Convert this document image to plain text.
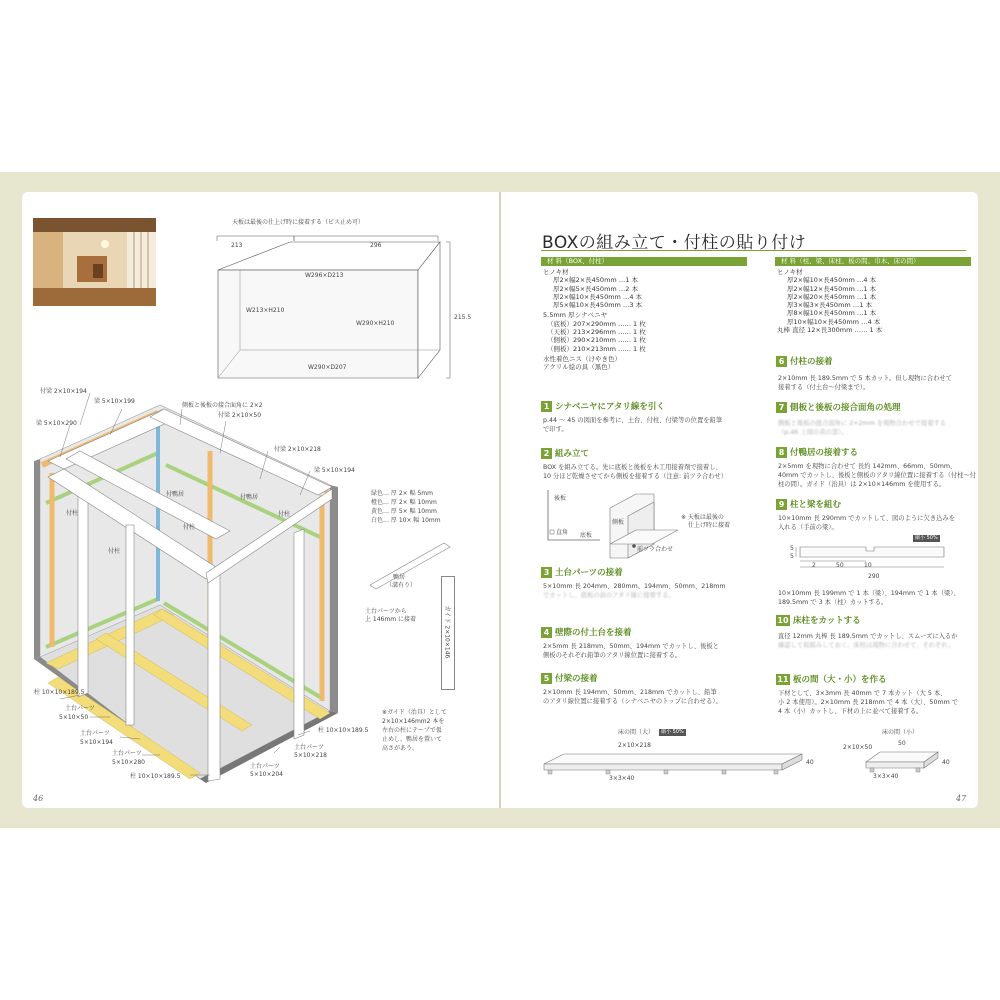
天板は最後の仕上げ時に接着する（ビス止め可）
213	296
215.5
W296×D213
W213×H210
W290×H210
W290×D207
付梁 2×10×194
梁 5×10×199
梁 5×10×290
側板と後板の接合面角に 2×2
付梁 2×10×50
付梁 2×10×218
梁 5×10×194
付鴨居	付鴨居
付柱	付柱
付柱
付柱
柱 10×10×189.5
土台パーツ
5×10×50
土台パーツ
5×10×194
土台パーツ
5×10×280
柱 10×10×189.5
柱 10×10×189.5
土台パーツ
5×10×218
土台パーツ
5×10×204
緑色… 厚 2× 幅 5mm
橙色… 厚 2× 幅 10mm
黄色… 厚 5× 幅 10mm
白色… 厚 10× 幅 10mm
鴨居
（溝有り）
土台パーツから
上 146mm に接着	ガイド 2×10×146
※ガイド（治具）として
2×10×146mm2 本を
左右の柱にテープで仮
止めし、鴨居を置いて
高さがあう。
46
BOXの組み立て・付柱の貼り付け
材 料（BOX、付柱）
ヒノキ材
厚2×幅2×長450mm …1 本
厚2×幅5×長450mm …2 本
厚2×幅10×長450mm …4 本
厚5×幅10×長450mm …3 本
5.5mm 厚シナベニヤ
（底板）207×290mm …… 1 枚
（天板）213×296mm …… 1 枚
（側板）290×210mm …… 1 枚
（側板）210×213mm …… 1 枚
水性着色ニス（けやき色）
アクリル絵の具（黒色）
材 料（柱、梁、床柱、板の間、巾木、床の間）
ヒノキ材
厚2×幅10×長450mm …4 本
厚2×幅12×長450mm …1 本
厚2×幅20×長450mm …1 本
厚3×幅3×長450mm …1 本
厚8×幅10×長450mm …1 本
厚10×幅10×長450mm …4 本
丸棒 直径 12×長300mm …… 1 本
1 シナベニヤにアタリ線を引く
p.44 〜 45 の図面を参考に、土台、付柱、付梁等の位置を鉛筆
で印す。
2 組み立て
BOX を組み立てる。先に底板と後板を木工用接着剤で接着し、
10 分ほど乾燥させてから側板を接着する（注意: 前ツラ合わせ）
後板
側板
底板
直角
前ツラ合わせ
※ 天板は最後の
仕上げ時に接着
3 土台パーツの接着
5×10mm 長 204mm、280mm、194mm、50mm、218mm
でカットし、底板の前のアタリ線に接着する。
4 壁際の付土台を接着
2×5mm 長 218mm、50mm、194mm でカットし、後板と
側板のそれぞれ鉛筆のアタリ線位置に接着する。
5 付梁の接着
2×10mm 長 194mm、50mm、218mm でカットし、鉛筆
のアタリ線位置に接着する（シナベニヤのトップに合わせる）。
床の間（大）	縮小 50%
2×10×218
3×3×40
40
6 付柱の接着
2×10mm 長 189.5mm で 5 本カット。但し現物に合わせて
接着する（付土台〜付梁まで）。
7 側板と後板の接合面角の処理
側板と後板の接合面角に 2×2mm を現物合わせで接着する
（p.46 上図の黄の部）。
8 付鴨居の接着する
2×5mm を現物に合わせて 長約 142mm、66mm、50mm、
40mm でカットし、後板と側板のアタリ線位置に接着する（付柱〜付
柱の間）。ガイド（治具）は 2×10×146mm を使用する。
9 柱と梁を組む
10×10mm 長 290mm でカットして、図のように欠き込みを
入れる（手前の梁）。
縮小 50%
5
5
2	50	10
290
10×10mm 長 199mm で 1 本（梁）、194mm で 1 本（梁）、
189.5mm で 3 本（柱）カットする。
10 床柱をカットする
直径 12mm 丸棒 長 189.5mm でカットし、スムーズに入るか
確認して仮組みしておく。床柱は現物に合わせて、それぞれ。
11 板の間（大・小）を作る
下材として、3×3mm 長 40mm で 7 本カット（大 5 本、
小 2 本使用）。2×10mm 長 218mm で 4 本（大）、50mm で
4 本（小）カットし、下材の上に並べて接着する。
床の間（小）
2×10×50
50
3×3×40
40
47
